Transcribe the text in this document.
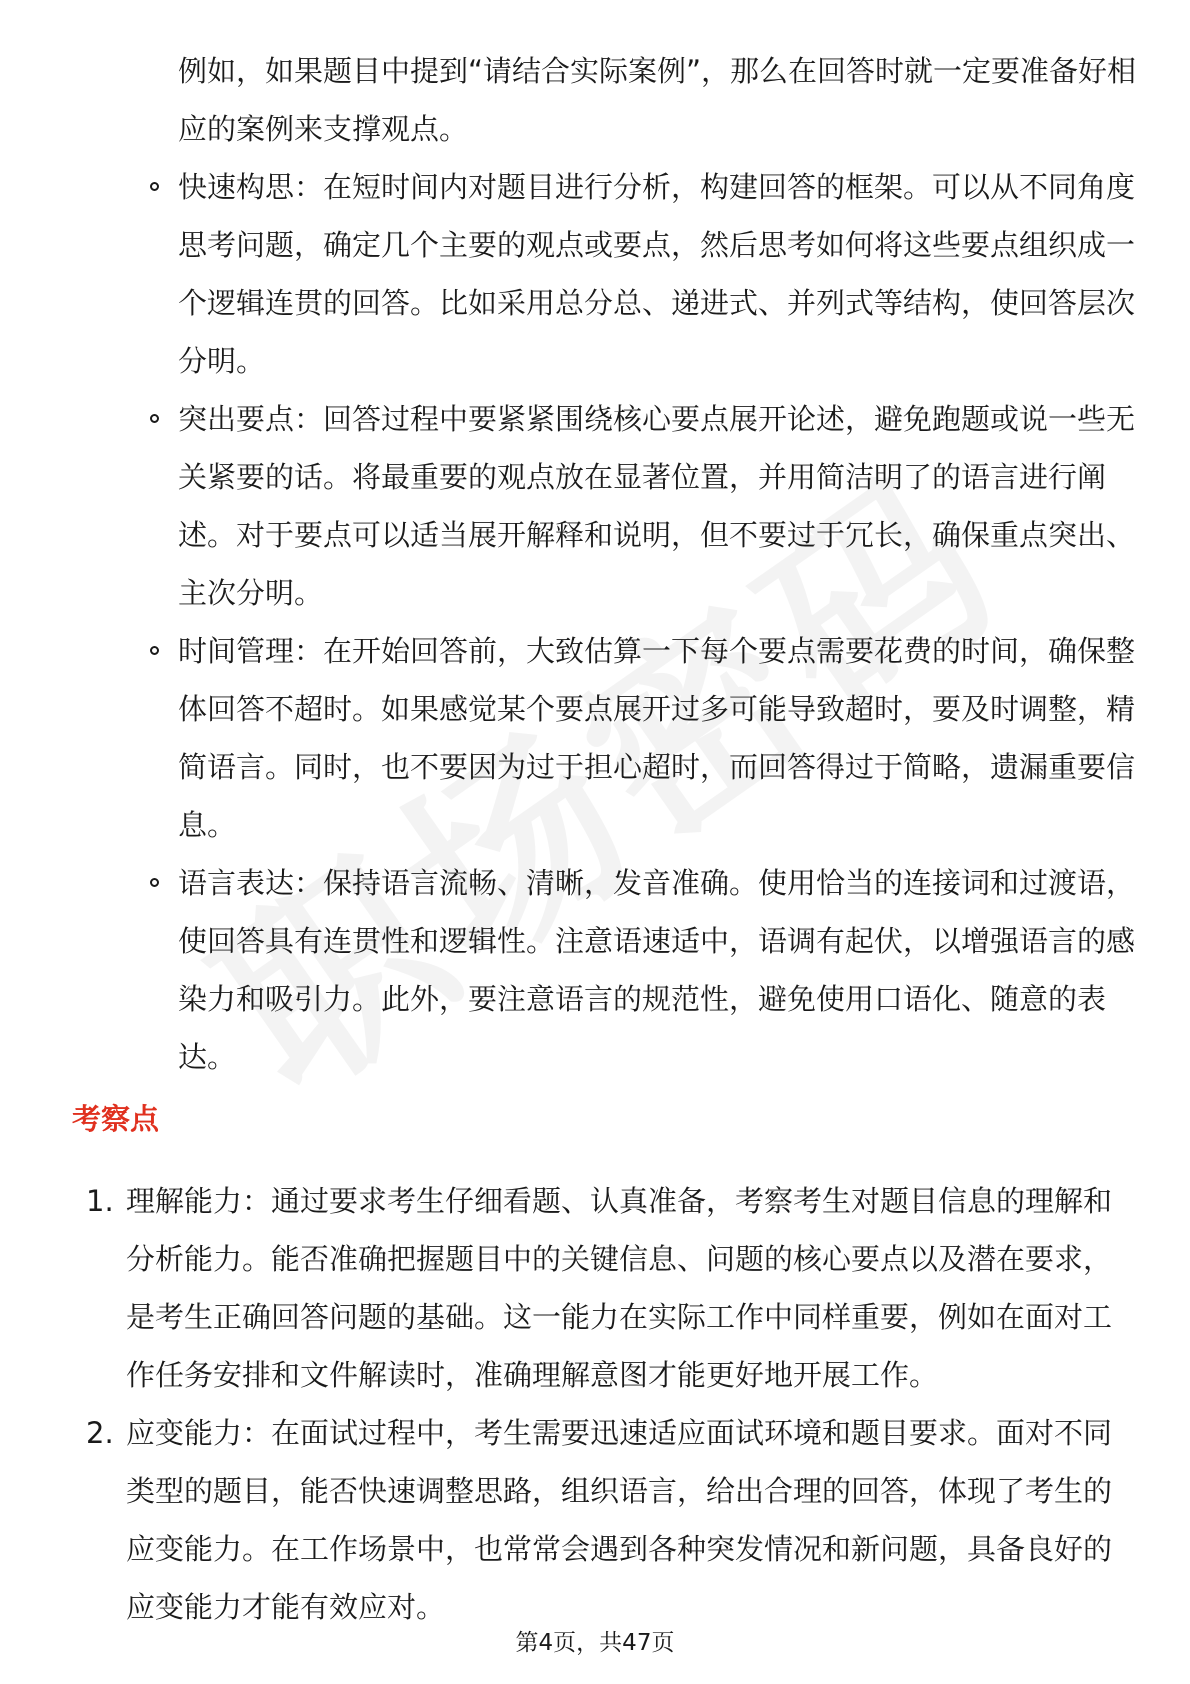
例如，如果题目中提到“请结合实际案例”，那么在回答时就一定要准备好相应的案例来支撑观点。

快速构思：在短时间内对题目进行分析，构建回答的框架。可以从不同角度思考问题，确定几个主要的观点或要点，然后思考如何将这些要点组织成一个逻辑连贯的回答。比如采用总分总、递进式、并列式等结构，使回答层次分明。
突出要点：回答过程中要紧紧围绕核心要点展开论述，避免跑题或说一些无关紧要的话。将最重要的观点放在显著位置，并用简洁明了的语言进行阐述。对于要点可以适当展开解释和说明，但不要过于冗长，确保重点突出、主次分明。
时间管理：在开始回答前，大致估算一下每个要点需要花费的时间，确保整体回答不超时。如果感觉某个要点展开过多可能导致超时，要及时调整，精简语言。同时，也不要因为过于担心超时，而回答得过于简略，遗漏重要信息。
语言表达：保持语言流畅、清晰，发音准确。使用恰当的连接词和过渡语，使回答具有连贯性和逻辑性。注意语速适中，语调有起伏，以增强语言的感染力和吸引力。此外，要注意语言的规范性，避免使用口语化、随意的表达。
考察点
1. 理解能力：通过要求考生仔细看题、认真准备，考察考生对题目信息的理解和分析能力。能否准确把握题目中的关键信息、问题的核心要点以及潜在要求，是考生正确回答问题的基础。这一能力在实际工作中同样重要，例如在面对工作任务安排和文件解读时，准确理解意图才能更好地开展工作。
2. 应变能力：在面试过程中，考生需要迅速适应面试环境和题目要求。面对不同类型的题目，能否快速调整思路，组织语言，给出合理的回答，体现了考生的应变能力。在工作场景中，也常常会遇到各种突发情况和新问题，具备良好的应变能力才能有效应对。
第4页，共47页
